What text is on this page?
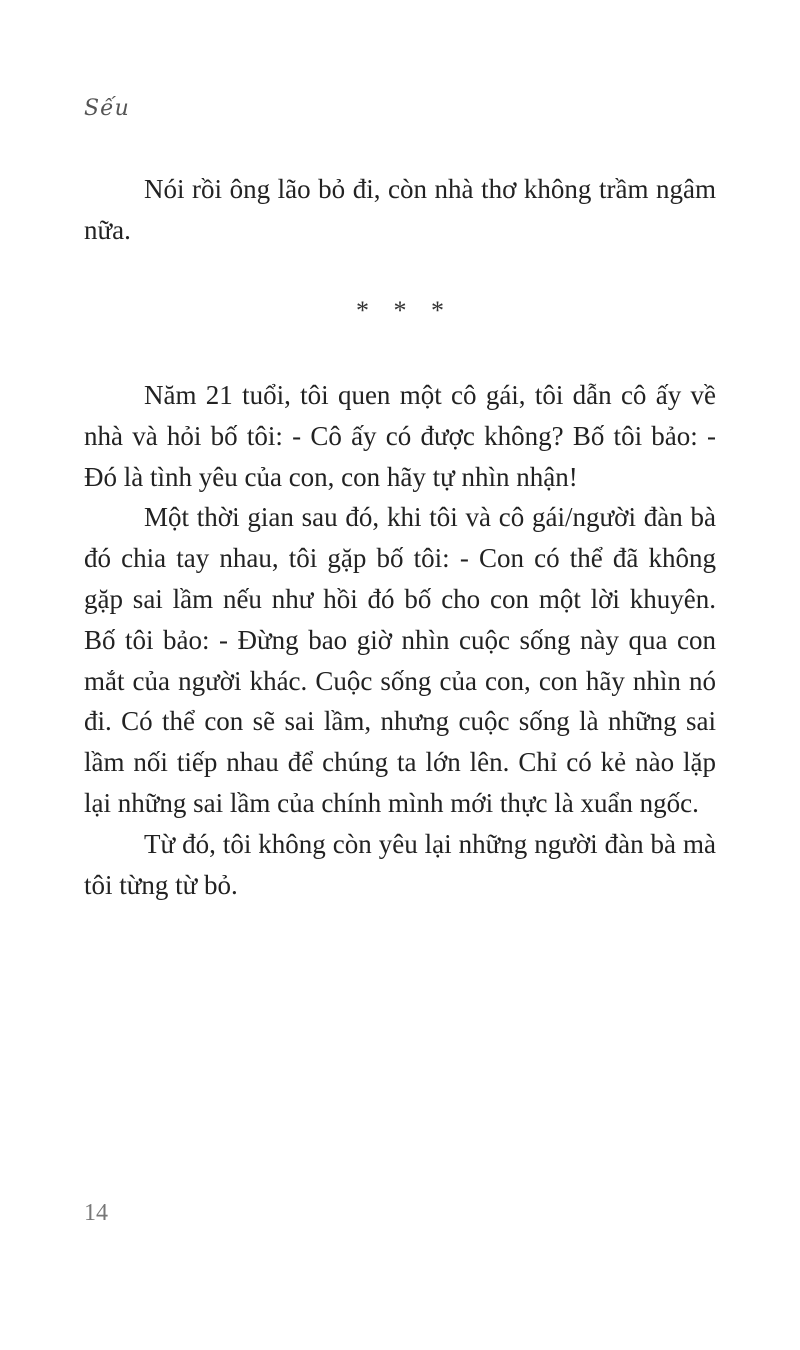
Sếu

Nói rồi ông lão bỏ đi, còn nhà thơ không trầm ngâm nữa.

* * *

Năm 21 tuổi, tôi quen một cô gái, tôi dẫn cô ấy về nhà và hỏi bố tôi: - Cô ấy có được không? Bố tôi bảo: - Đó là tình yêu của con, con hãy tự nhìn nhận!

Một thời gian sau đó, khi tôi và cô gái/người đàn bà đó chia tay nhau, tôi gặp bố tôi: - Con có thể đã không gặp sai lầm nếu như hồi đó bố cho con một lời khuyên. Bố tôi bảo: - Đừng bao giờ nhìn cuộc sống này qua con mắt của người khác. Cuộc sống của con, con hãy nhìn nó đi. Có thể con sẽ sai lầm, nhưng cuộc sống là những sai lầm nối tiếp nhau để chúng ta lớn lên. Chỉ có kẻ nào lặp lại những sai lầm của chính mình mới thực là xuẩn ngốc.

Từ đó, tôi không còn yêu lại những người đàn bà mà tôi từng từ bỏ.

14
